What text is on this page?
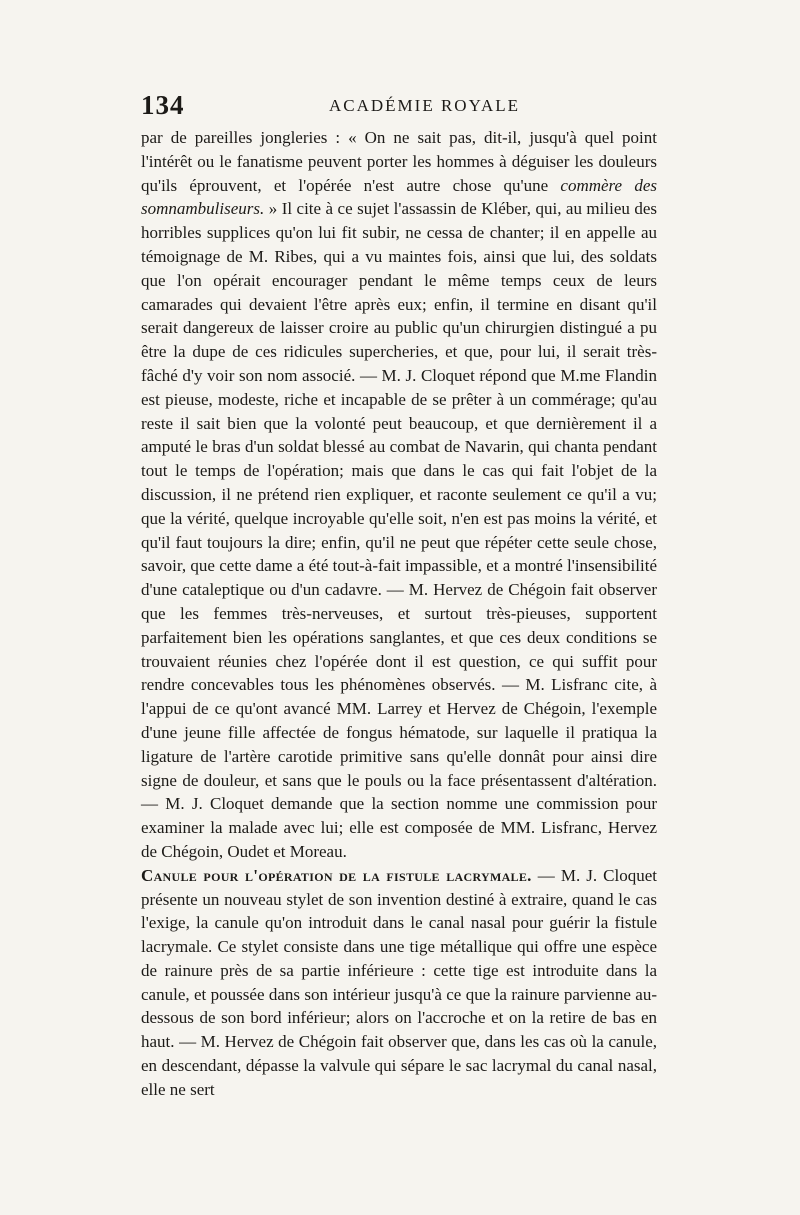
134	ACADÉMIE ROYALE

par de pareilles jongleries : « On ne sait pas, dit-il, jusqu'à quel point l'intérêt ou le fanatisme peuvent porter les hommes à déguiser les douleurs qu'ils éprouvent, et l'opérée n'est autre chose qu'une commère des somnambuliseurs. » Il cite à ce sujet l'assassin de Kléber, qui, au milieu des horribles supplices qu'on lui fit subir, ne cessa de chanter; il en appelle au témoignage de M. Ribes, qui a vu maintes fois, ainsi que lui, des soldats que l'on opérait encourager pendant le même temps ceux de leurs camarades qui devaient l'être après eux; enfin, il termine en disant qu'il serait dangereux de laisser croire au public qu'un chirurgien distingué a pu être la dupe de ces ridicules supercheries, et que, pour lui, il serait très-fâché d'y voir son nom associé. — M. J. Cloquet répond que M.me Flandin est pieuse, modeste, riche et incapable de se prêter à un commérage; qu'au reste il sait bien que la volonté peut beaucoup, et que dernièrement il a amputé le bras d'un soldat blessé au combat de Navarin, qui chanta pendant tout le temps de l'opération; mais que dans le cas qui fait l'objet de la discussion, il ne prétend rien expliquer, et raconte seulement ce qu'il a vu; que la vérité, quelque incroyable qu'elle soit, n'en est pas moins la vérité, et qu'il faut toujours la dire; enfin, qu'il ne peut que répéter cette seule chose, savoir, que cette dame a été tout-à-fait impassible, et a montré l'insensibilité d'une cataleptique ou d'un cadavre. — M. Hervez de Chégoin fait observer que les femmes très-nerveuses, et surtout très-pieuses, supportent parfaitement bien les opérations sanglantes, et que ces deux conditions se trouvaient réunies chez l'opérée dont il est question, ce qui suffit pour rendre concevables tous les phénomènes observés. — M. Lisfranc cite, à l'appui de ce qu'ont avancé MM. Larrey et Hervez de Chégoin, l'exemple d'une jeune fille affectée de fongus hématode, sur laquelle il pratiqua la ligature de l'artère carotide primitive sans qu'elle donnât pour ainsi dire signe de douleur, et sans que le pouls ou la face présentassent d'altération. — M. J. Cloquet demande que la section nomme une commission pour examiner la malade avec lui; elle est composée de MM. Lisfranc, Hervez de Chégoin, Oudet et Moreau.

Canule pour l'opération de la fistule lacrymale. — M. J. Cloquet présente un nouveau stylet de son invention destiné à extraire, quand le cas l'exige, la canule qu'on introduit dans le canal nasal pour guérir la fistule lacrymale. Ce stylet consiste dans une tige métallique qui offre une espèce de rainure près de sa partie inférieure : cette tige est introduite dans la canule, et poussée dans son intérieur jusqu'à ce que la rainure parvienne au-dessous de son bord inférieur; alors on l'accroche et on la retire de bas en haut. — M. Hervez de Chégoin fait observer que, dans les cas où la canule, en descendant, dépasse la valvule qui sépare le sac lacrymal du canal nasal, elle ne sert
